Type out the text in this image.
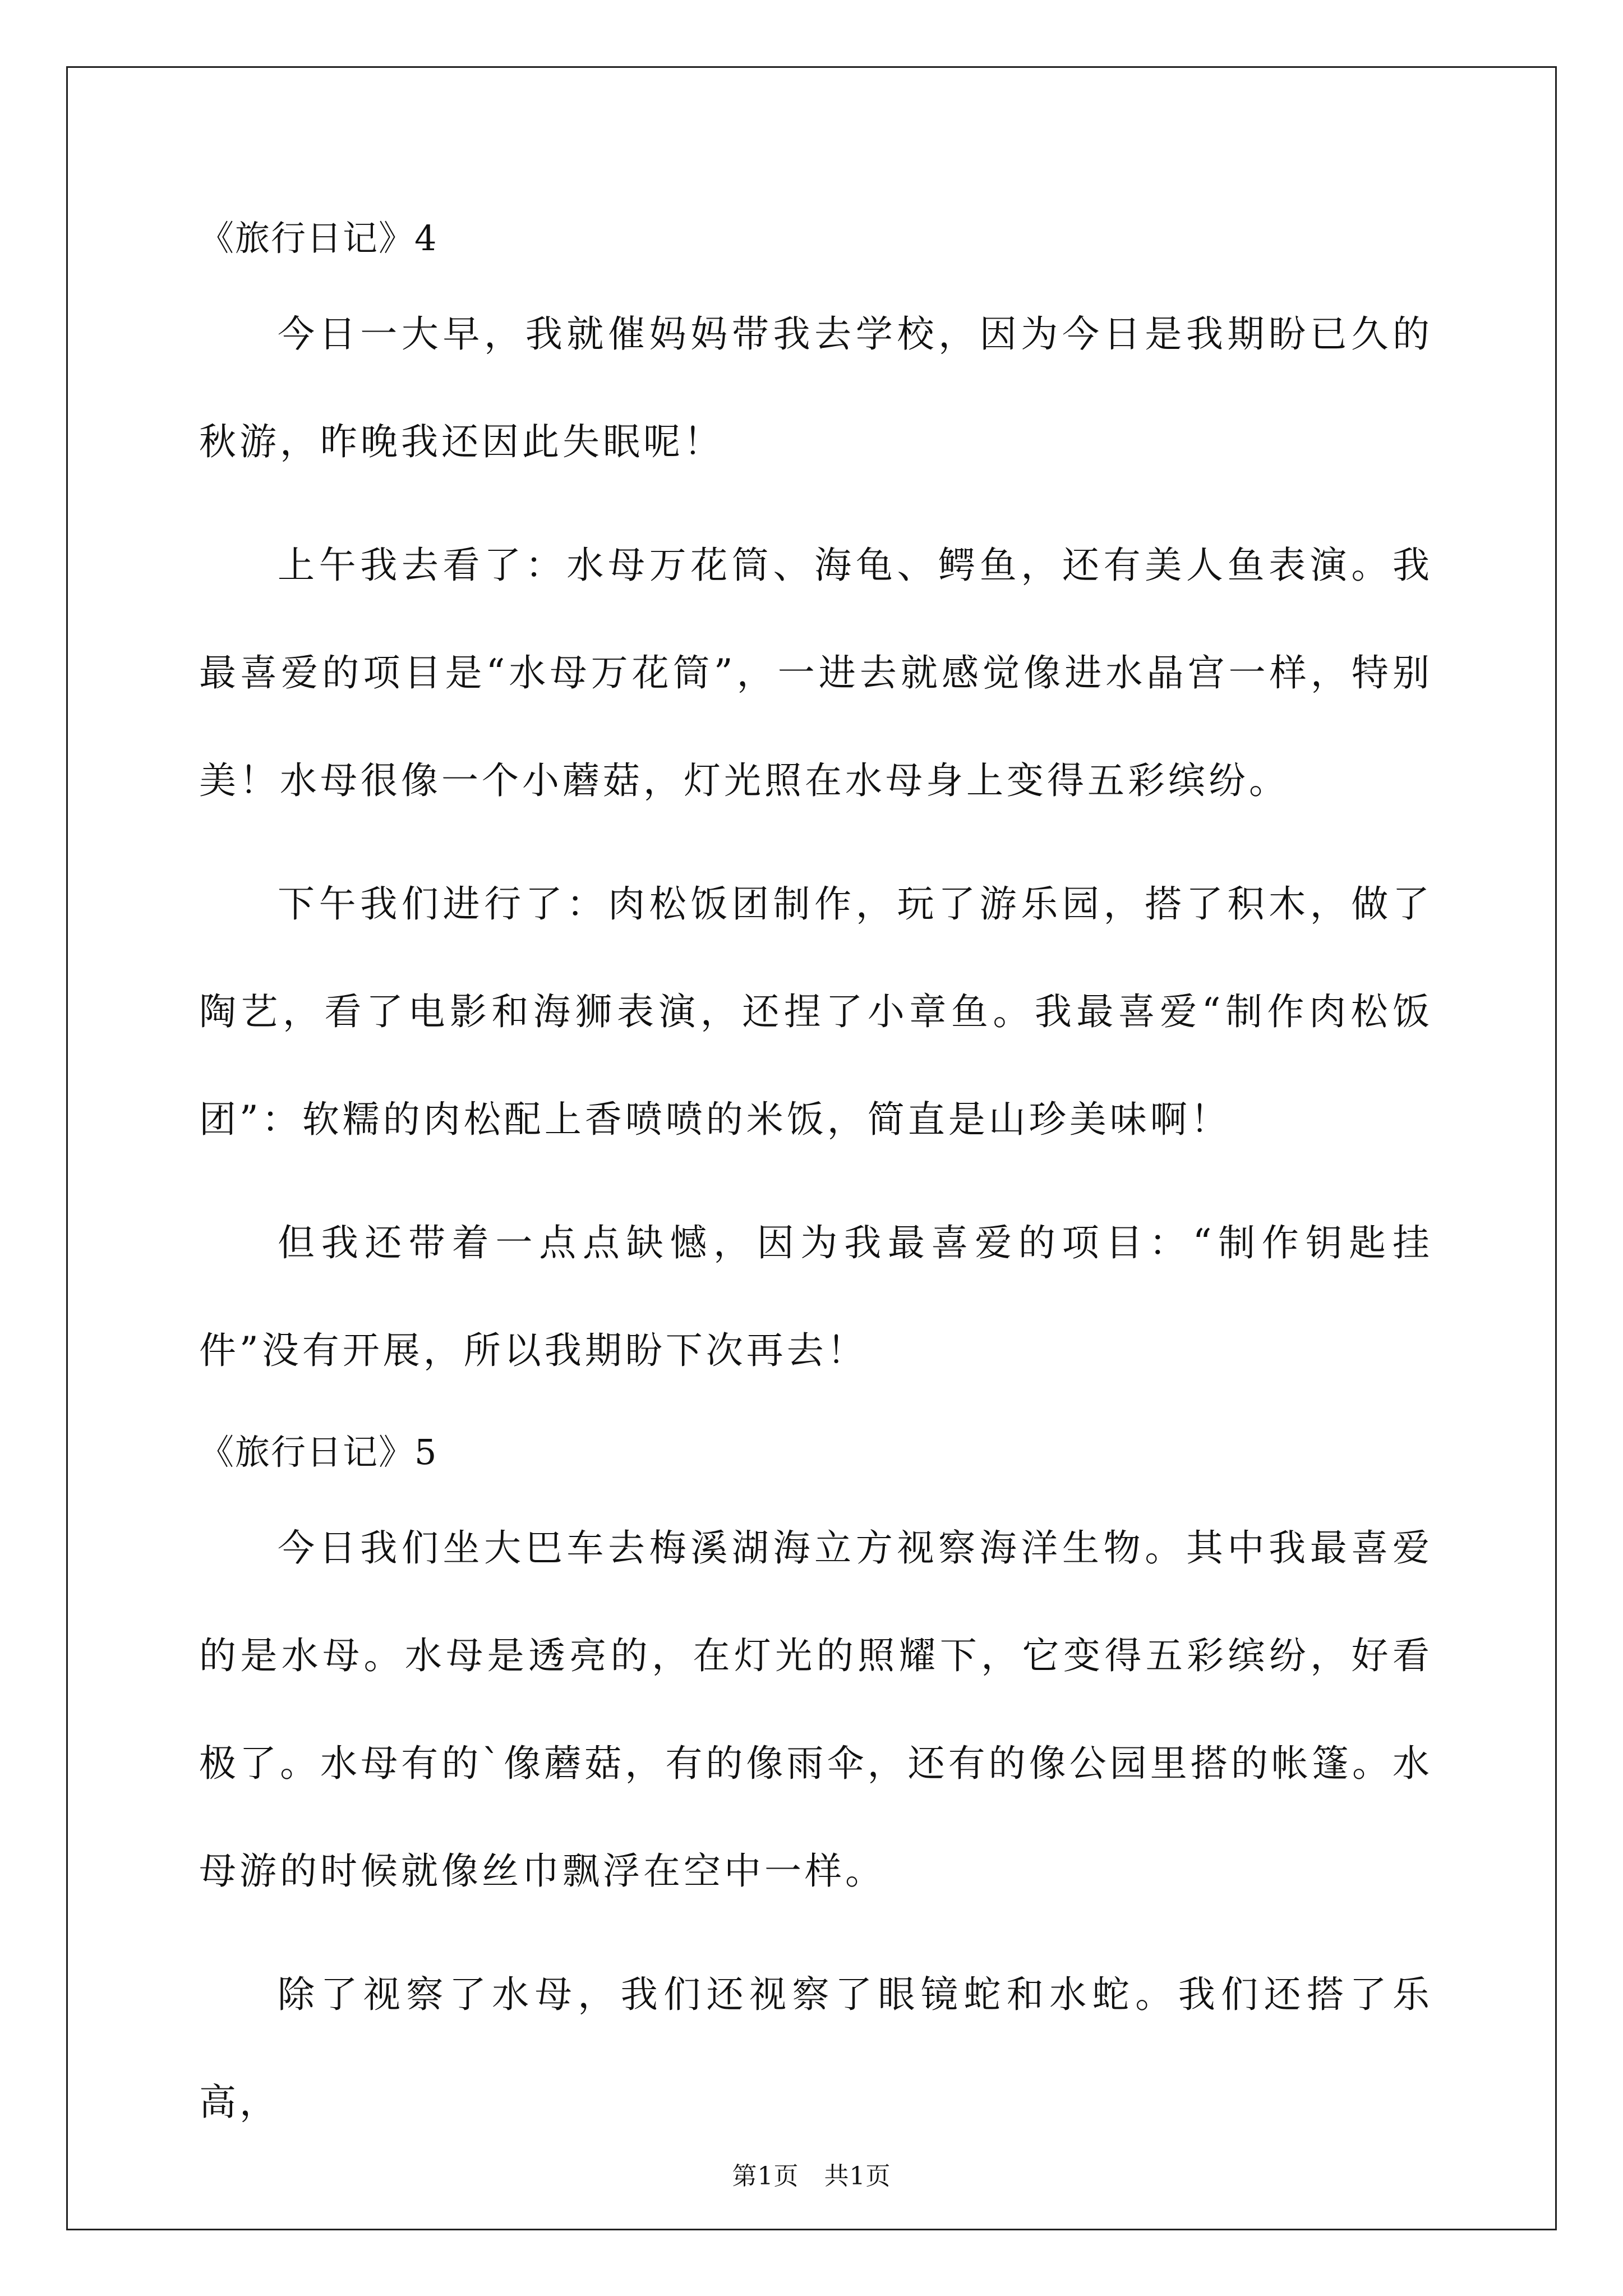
《旅行日记》4

今日一大早，我就催妈妈带我去学校，因为今日是我期盼已久的秋游，昨晚我还因此失眠呢！

上午我去看了：水母万花筒、海龟、鳄鱼，还有美人鱼表演。我最喜爱的项目是“水母万花筒”，一进去就感觉像进水晶宫一样，特别美！水母很像一个小蘑菇，灯光照在水母身上变得五彩缤纷。

下午我们进行了：肉松饭团制作，玩了游乐园，搭了积木，做了陶艺，看了电影和海狮表演，还捏了小章鱼。我最喜爱“制作肉松饭团”：软糯的肉松配上香喷喷的米饭，简直是山珍美味啊！

但我还带着一点点缺憾，因为我最喜爱的项目：“制作钥匙挂件”没有开展，所以我期盼下次再去！

《旅行日记》5

今日我们坐大巴车去梅溪湖海立方视察海洋生物。其中我最喜爱的是水母。水母是透亮的，在灯光的照耀下，它变得五彩缤纷，好看极了。水母有的`像蘑菇，有的像雨伞，还有的像公园里搭的帐篷。水母游的时候就像丝巾飘浮在空中一样。

除了视察了水母，我们还视察了眼镜蛇和水蛇。我们还搭了乐高，

第1页　共1页
